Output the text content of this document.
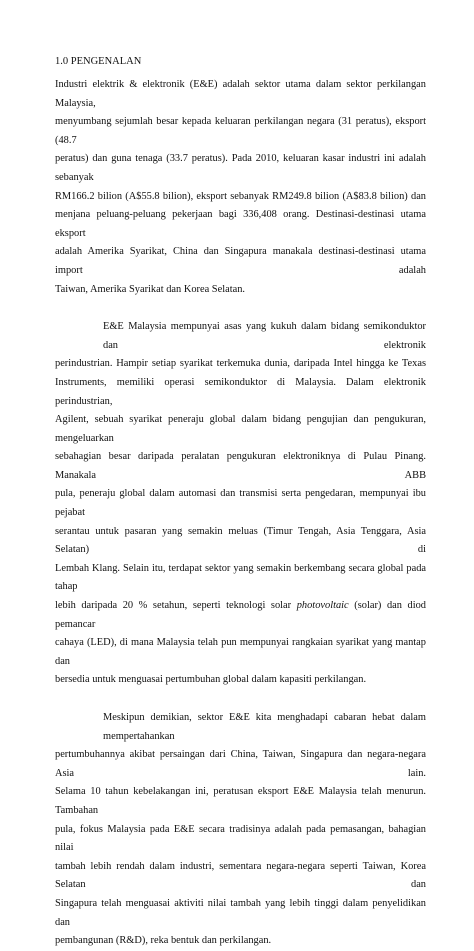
1.0 PENGENALAN
Industri elektrik & elektronik (E&E) adalah sektor utama dalam sektor perkilangan Malaysia,
menyumbang sejumlah besar kepada keluaran perkilangan negara (31 peratus), eksport (48.7
peratus) dan guna tenaga (33.7 peratus). Pada 2010, keluaran kasar industri ini adalah sebanyak
RM166.2 bilion (A$55.8 bilion), eksport sebanyak RM249.8 bilion (A$83.8 bilion) dan
menjana peluang-peluang pekerjaan bagi 336,408 orang. Destinasi-destinasi utama eksport
adalah Amerika Syarikat, China dan Singapura manakala destinasi-destinasi utama import adalah
Taiwan, Amerika Syarikat dan Korea Selatan.
E&E Malaysia mempunyai asas yang kukuh dalam bidang semikonduktor dan elektronik
perindustrian. Hampir setiap syarikat terkemuka dunia, daripada Intel hingga ke Texas
Instruments, memiliki operasi semikonduktor di Malaysia. Dalam elektronik perindustrian,
Agilent, sebuah syarikat peneraju global dalam bidang pengujian dan pengukuran, mengeluarkan
sebahagian besar daripada peralatan pengukuran elektroniknya di Pulau Pinang. Manakala ABB
pula, peneraju global dalam automasi dan transmisi serta pengedaran, mempunyai ibu pejabat
serantau untuk pasaran yang semakin meluas (Timur Tengah, Asia Tenggara, Asia Selatan) di
Lembah Klang. Selain itu, terdapat sektor yang semakin berkembang secara global pada tahap
lebih daripada 20 % setahun, seperti teknologi solar photovoltaic (solar) dan diod pemancar
cahaya (LED), di mana Malaysia telah pun mempunyai rangkaian syarikat yang mantap dan
bersedia untuk menguasai pertumbuhan global dalam kapasiti perkilangan.
Meskipun demikian, sektor E&E kita menghadapi cabaran hebat dalam mempertahankan
pertumbuhannya akibat persaingan dari China, Taiwan, Singapura dan negara-negara Asia lain.
Selama 10 tahun kebelakangan ini, peratusan eksport E&E Malaysia telah menurun. Tambahan
pula, fokus Malaysia pada E&E secara tradisinya adalah pada pemasangan, bahagian nilai
tambah lebih rendah dalam industri, sementara negara-negara seperti Taiwan, Korea Selatan dan
Singapura telah menguasai aktiviti nilai tambah yang lebih tinggi dalam penyelidikan dan
pembangunan (R&D), reka bentuk dan perkilangan.
